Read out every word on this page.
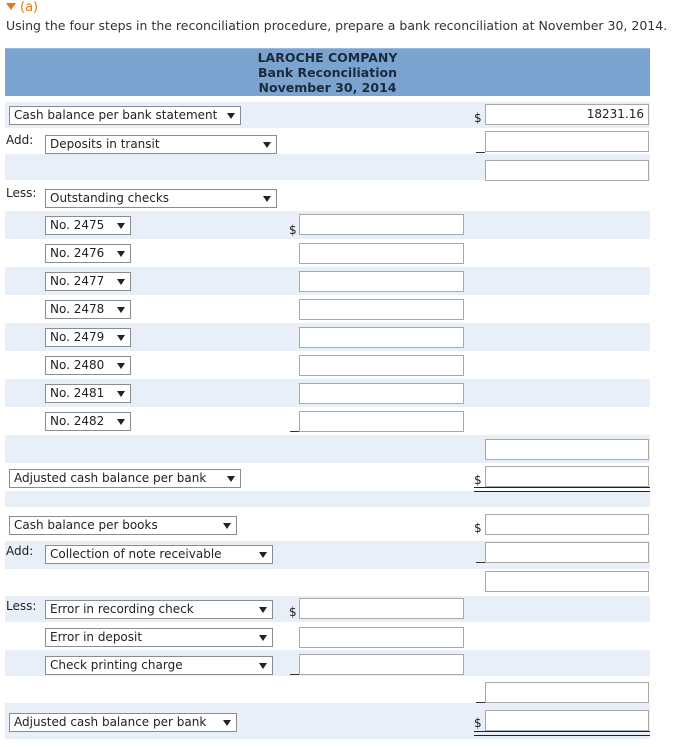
(a)
Using the four steps in the reconciliation procedure, prepare a bank reconciliation at November 30, 2014.
LAROCHE COMPANY
Bank Reconciliation
November 30, 2014
Cash balance per bank statement	$	18231.16
Add:	Deposits in transit
Less:	Outstanding checks
No. 2475	$
No. 2476
No. 2477
No. 2478
No. 2479
No. 2480
No. 2481
No. 2482
Adjusted cash balance per bank	$
Cash balance per books	$
Add:	Collection of note receivable
Less:	Error in recording check	$
Error in deposit
Check printing charge
Adjusted cash balance per bank	$
